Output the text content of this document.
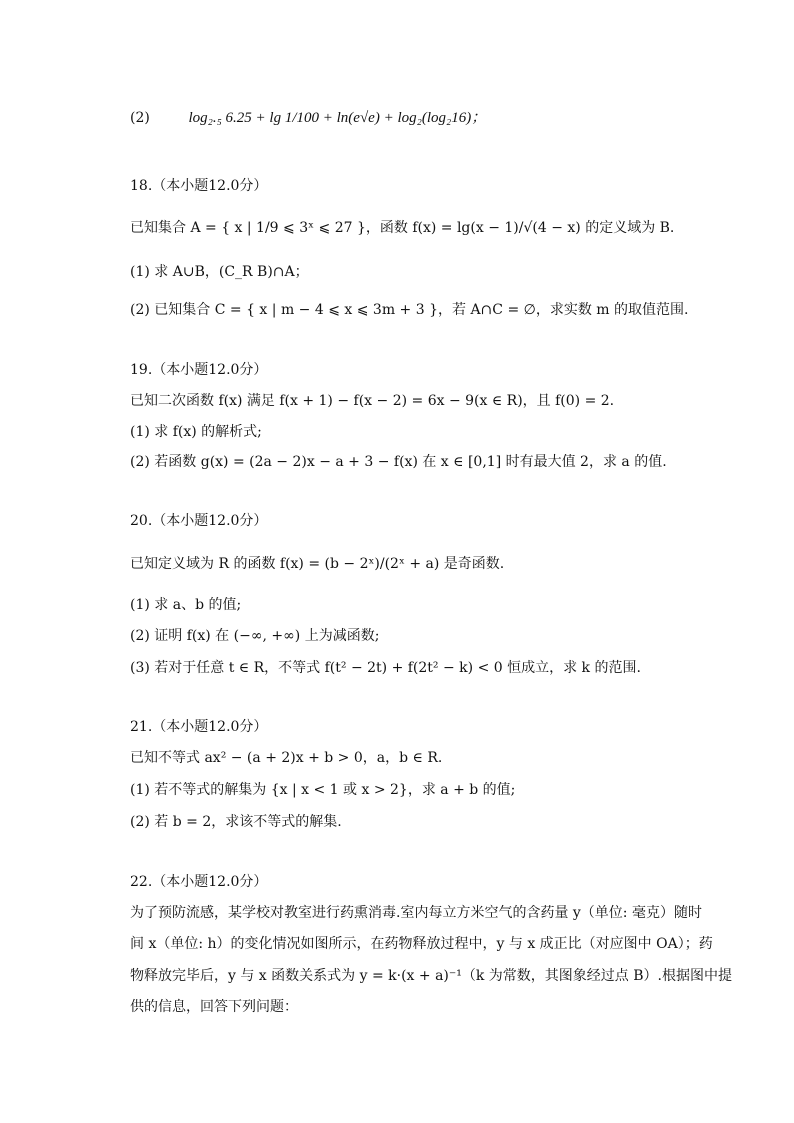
(2)	log₂.₅ 6.25 + lg 1/100 + ln(e√e) + log₂(log₂16)；
18.（本小题12.0分）
已知集合 A = { x | 1/9 ⩽ 3ˣ ⩽ 27 }，函数 f(x) = lg(x − 1)/√(4 − x) 的定义域为 B.
(1) 求 A∪B，(C_R B)∩A；
(2) 已知集合 C = { x | m − 4 ⩽ x ⩽ 3m + 3 }，若 A∩C = ∅，求实数 m 的取值范围.
19.（本小题12.0分）
已知二次函数 f(x) 满足 f(x + 1) − f(x − 2) = 6x − 9(x ∈ R)，且 f(0) = 2.
(1) 求 f(x) 的解析式;
(2) 若函数 g(x) = (2a − 2)x − a + 3 − f(x) 在 x ∈ [0,1] 时有最大值 2，求 a 的值.
20.（本小题12.0分）
已知定义域为 R 的函数 f(x) = (b − 2ˣ)/(2ˣ + a) 是奇函数.
(1) 求 a、b 的值;
(2) 证明 f(x) 在 (−∞, +∞) 上为减函数;
(3) 若对于任意 t ∈ R，不等式 f(t² − 2t) + f(2t² − k) < 0 恒成立，求 k 的范围.
21.（本小题12.0分）
已知不等式 ax² − (a + 2)x + b > 0，a，b ∈ R.
(1) 若不等式的解集为 {x | x < 1 或 x > 2}，求 a + b 的值;
(2) 若 b = 2，求该不等式的解集.
22.（本小题12.0分）
为了预防流感，某学校对教室进行药熏消毒.室内每立方米空气的含药量 y（单位: 毫克）随时
间 x（单位: h）的变化情况如图所示，在药物释放过程中，y 与 x 成正比（对应图中 OA）；药
物释放完毕后，y 与 x 函数关系式为 y = k·(x + a)⁻¹（k 为常数，其图象经过点 B）.根据图中提
供的信息，回答下列问题：
